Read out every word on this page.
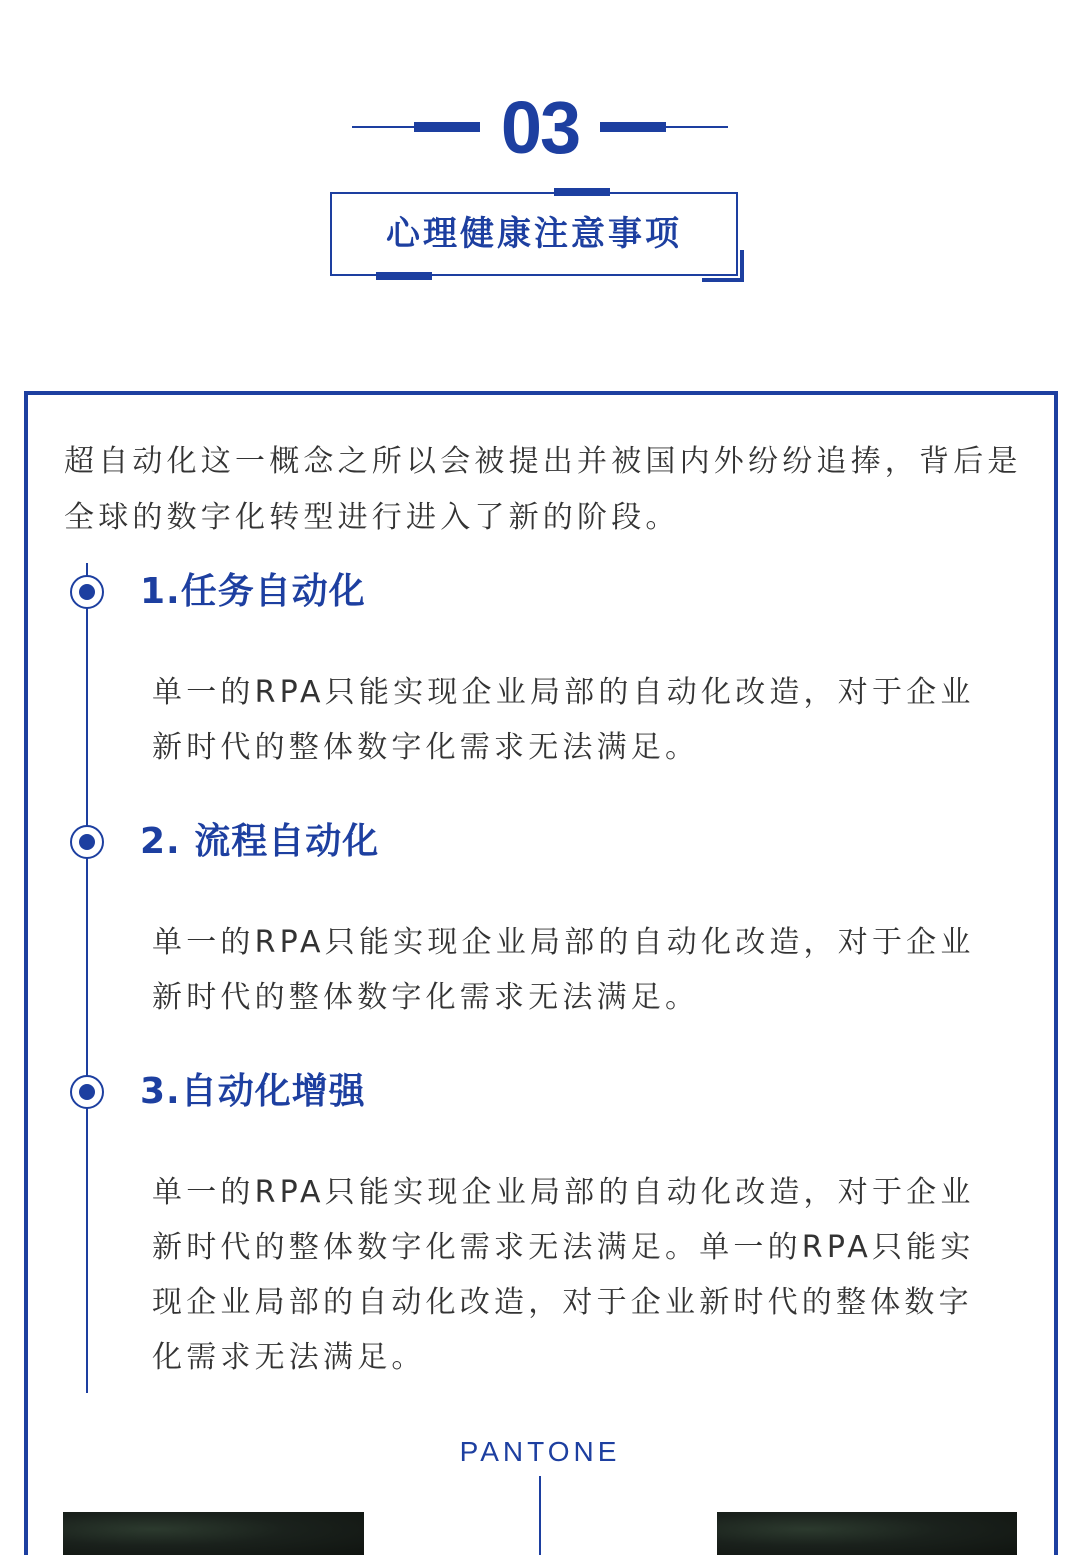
03
心理健康注意事项

超自动化这一概念之所以会被提出并被国内外纷纷追捧，背后是全球的数字化转型进行进入了新的阶段。

1.任务自动化

单一的RPA只能实现企业局部的自动化改造，对于企业新时代的整体数字化需求无法满足。

2. 流程自动化

单一的RPA只能实现企业局部的自动化改造，对于企业新时代的整体数字化需求无法满足。

3.自动化增强

单一的RPA只能实现企业局部的自动化改造，对于企业新时代的整体数字化需求无法满足。单一的RPA只能实现企业局部的自动化改造，对于企业新时代的整体数字化需求无法满足。

PANTONE
